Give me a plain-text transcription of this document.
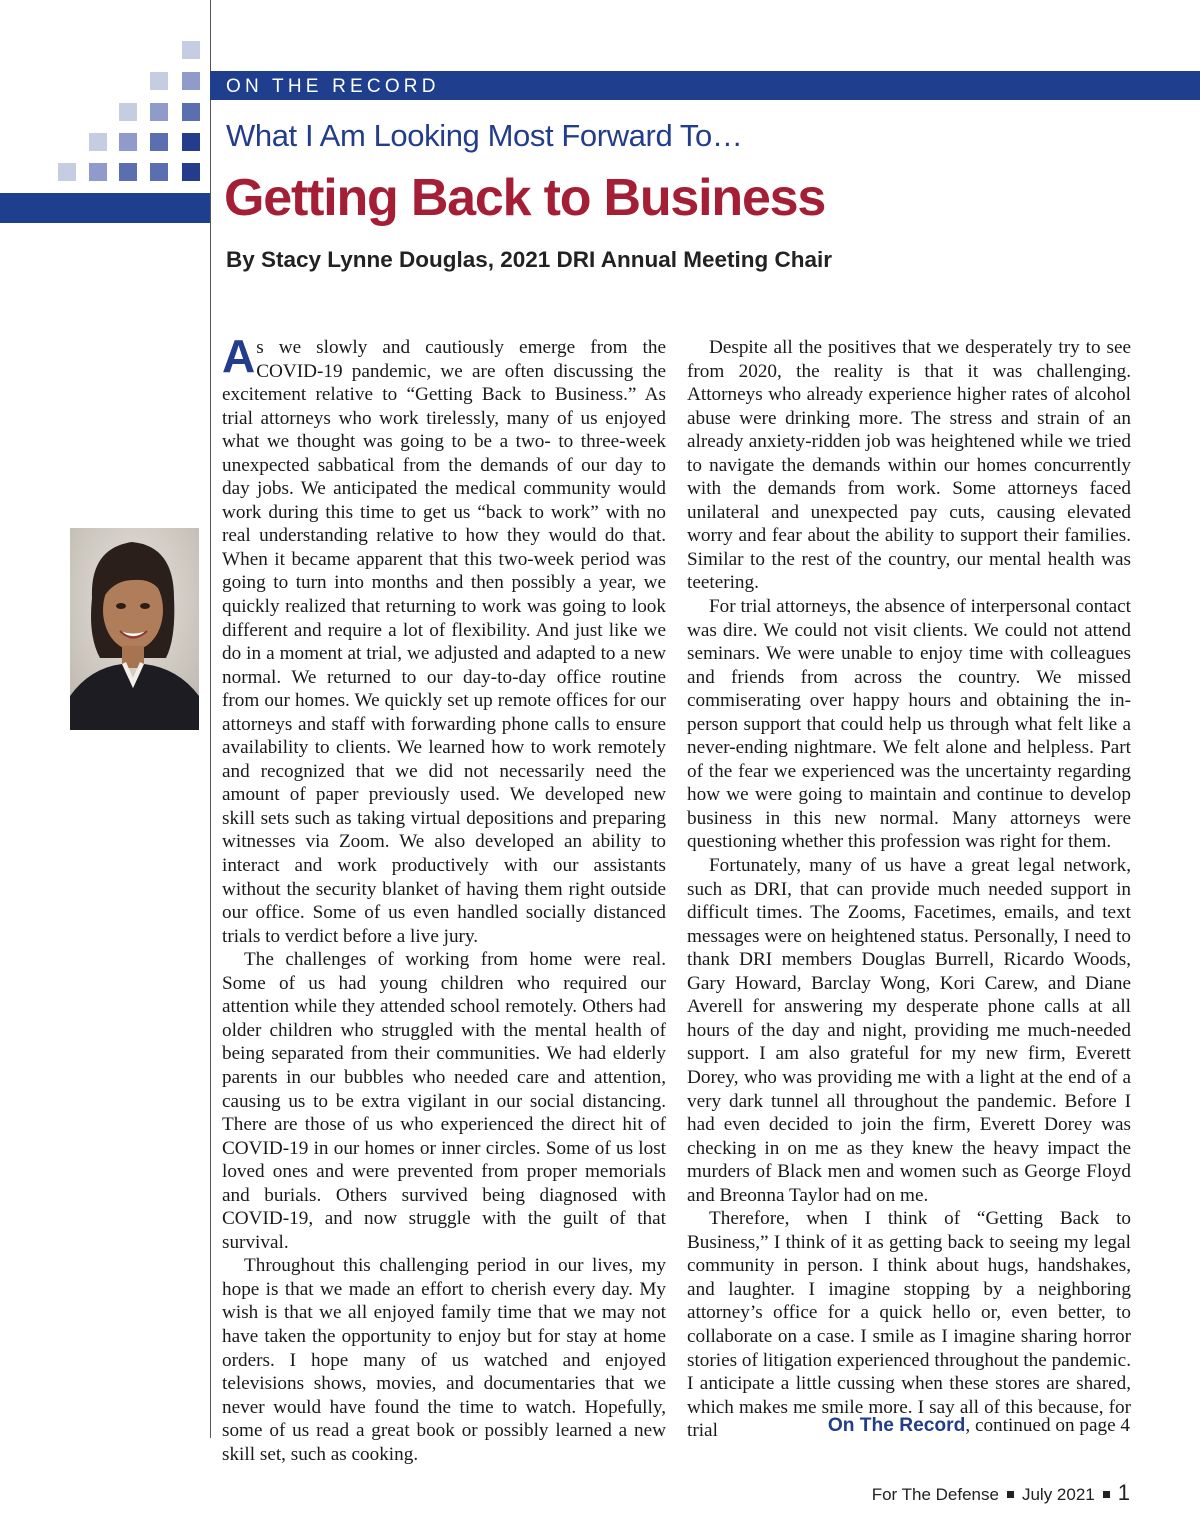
ON THE RECORD
What I Am Looking Most Forward To…
Getting Back to Business
By Stacy Lynne Douglas, 2021 DRI Annual Meeting Chair

As we slowly and cautiously emerge from the COVID-19 pandemic, we are often discussing the excitement relative to “Getting Back to Business.” As trial attorneys who work tirelessly, many of us enjoyed what we thought was going to be a two- to three-week unexpected sabbatical from the demands of our day to day jobs. We anticipated the medical community would work during this time to get us “back to work” with no real understanding relative to how they would do that. When it became apparent that this two-week period was going to turn into months and then possibly a year, we quickly realized that returning to work was going to look different and require a lot of flexibility. And just like we do in a moment at trial, we adjusted and adapted to a new normal. We returned to our day-to-day office routine from our homes. We quickly set up remote offices for our attorneys and staff with forwarding phone calls to ensure availability to clients. We learned how to work remotely and recognized that we did not necessarily need the amount of paper previously used. We developed new skill sets such as taking virtual depositions and preparing witnesses via Zoom. We also developed an ability to interact and work productively with our assistants without the security blanket of having them right outside our office. Some of us even handled socially distanced trials to verdict before a live jury.

The challenges of working from home were real. Some of us had young children who required our attention while they attended school remotely. Others had older children who struggled with the mental health of being separated from their communities. We had elderly parents in our bubbles who needed care and attention, causing us to be extra vigilant in our social distancing. There are those of us who experienced the direct hit of COVID-19 in our homes or inner circles. Some of us lost loved ones and were prevented from proper memorials and burials. Others survived being diagnosed with COVID-19, and now struggle with the guilt of that survival.

Throughout this challenging period in our lives, my hope is that we made an effort to cherish every day. My wish is that we all enjoyed family time that we may not have taken the opportunity to enjoy but for stay at home orders. I hope many of us watched and enjoyed televisions shows, movies, and documentaries that we never would have found the time to watch. Hopefully, some of us read a great book or possibly learned a new skill set, such as cooking.

Despite all the positives that we desperately try to see from 2020, the reality is that it was challenging. Attorneys who already experience higher rates of alcohol abuse were drinking more. The stress and strain of an already anxiety-ridden job was heightened while we tried to navigate the demands within our homes concurrently with the demands from work. Some attorneys faced unilateral and unexpected pay cuts, causing elevated worry and fear about the ability to support their families. Similar to the rest of the country, our mental health was teetering.

For trial attorneys, the absence of interpersonal contact was dire. We could not visit clients. We could not attend seminars. We were unable to enjoy time with colleagues and friends from across the country. We missed commiserating over happy hours and obtaining the in-person support that could help us through what felt like a never-ending nightmare. We felt alone and helpless. Part of the fear we experienced was the uncertainty regarding how we were going to maintain and continue to develop business in this new normal. Many attorneys were questioning whether this profession was right for them.

Fortunately, many of us have a great legal network, such as DRI, that can provide much needed support in difficult times. The Zooms, Facetimes, emails, and text messages were on heightened status. Personally, I need to thank DRI members Douglas Burrell, Ricardo Woods, Gary Howard, Barclay Wong, Kori Carew, and Diane Averell for answering my desperate phone calls at all hours of the day and night, providing me much-needed support. I am also grateful for my new firm, Everett Dorey, who was providing me with a light at the end of a very dark tunnel all throughout the pandemic. Before I had even decided to join the firm, Everett Dorey was checking in on me as they knew the heavy impact the murders of Black men and women such as George Floyd and Breonna Taylor had on me.

Therefore, when I think of “Getting Back to Business,” I think of it as getting back to seeing my legal community in person. I think about hugs, handshakes, and laughter. I imagine stopping by a neighboring attorney’s office for a quick hello or, even better, to collaborate on a case. I smile as I imagine sharing horror stories of litigation experienced throughout the pandemic. I anticipate a little cussing when these stores are shared, which makes me smile more. I say all of this because, for trial	On The Record, continued on page 4
For The Defense July 2021 1
